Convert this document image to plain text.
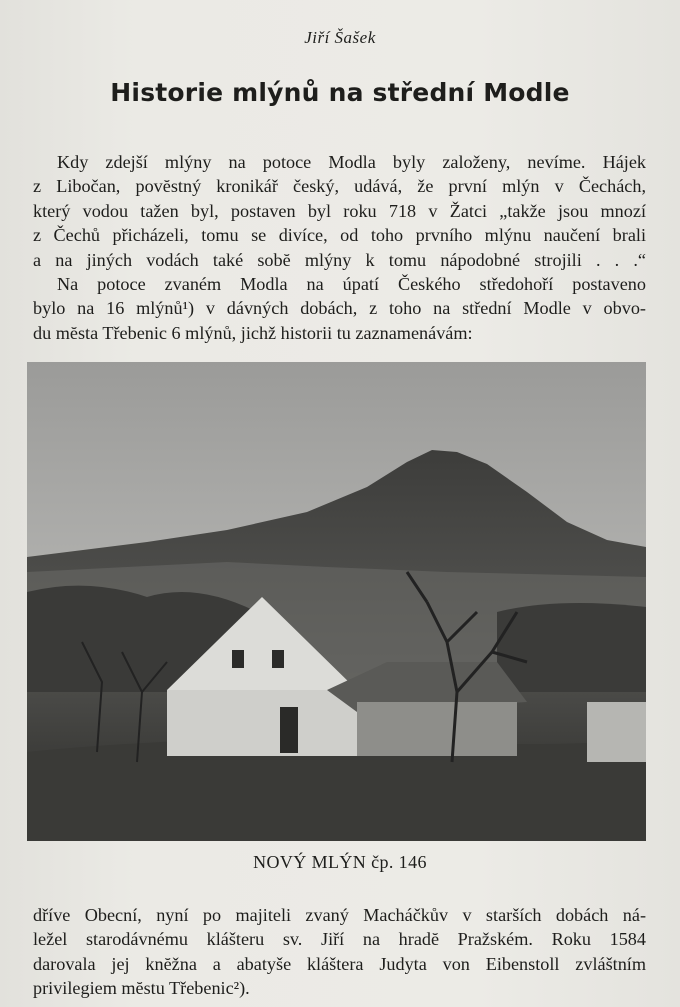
Jiří Šašek
Historie mlýnů na střední Modle
Kdy zdejší mlýny na potoce Modla byly založeny, nevíme. Hájek
z Libočan, povĕstný kronikář český, udává, že první mlýn v Čechách,
který vodou tažen byl, postaven byl roku 718 v Žatci „takže jsou mnozí
z Čechů přicházeli, tomu se divíce, od toho prvního mlýnu naučení brali
a na jiných vodách také sobĕ mlýny k tomu nápodobné strojili . . .“
Na potoce zvaném Modla na úpatí Českého středohoří postaveno
bylo na 16 mlýnů¹) v dávných dobách, z toho na střední Modle v obvo-
du mĕsta Třebenic 6 mlýnů, jichž historii tu zaznamenávám:
NOVÝ MLÝN čp. 146
dříve Obecní, nyní po majiteli zvaný Macháčkův v starších dobách ná-
ležel starodávnému klášteru sv. Jiří na hradĕ Pražském. Roku 1584
darovala jej knĕžna a abatyše kláštera Judyta von Eibenstoll zvláštním
privilegiem mĕstu Třebenic²).
